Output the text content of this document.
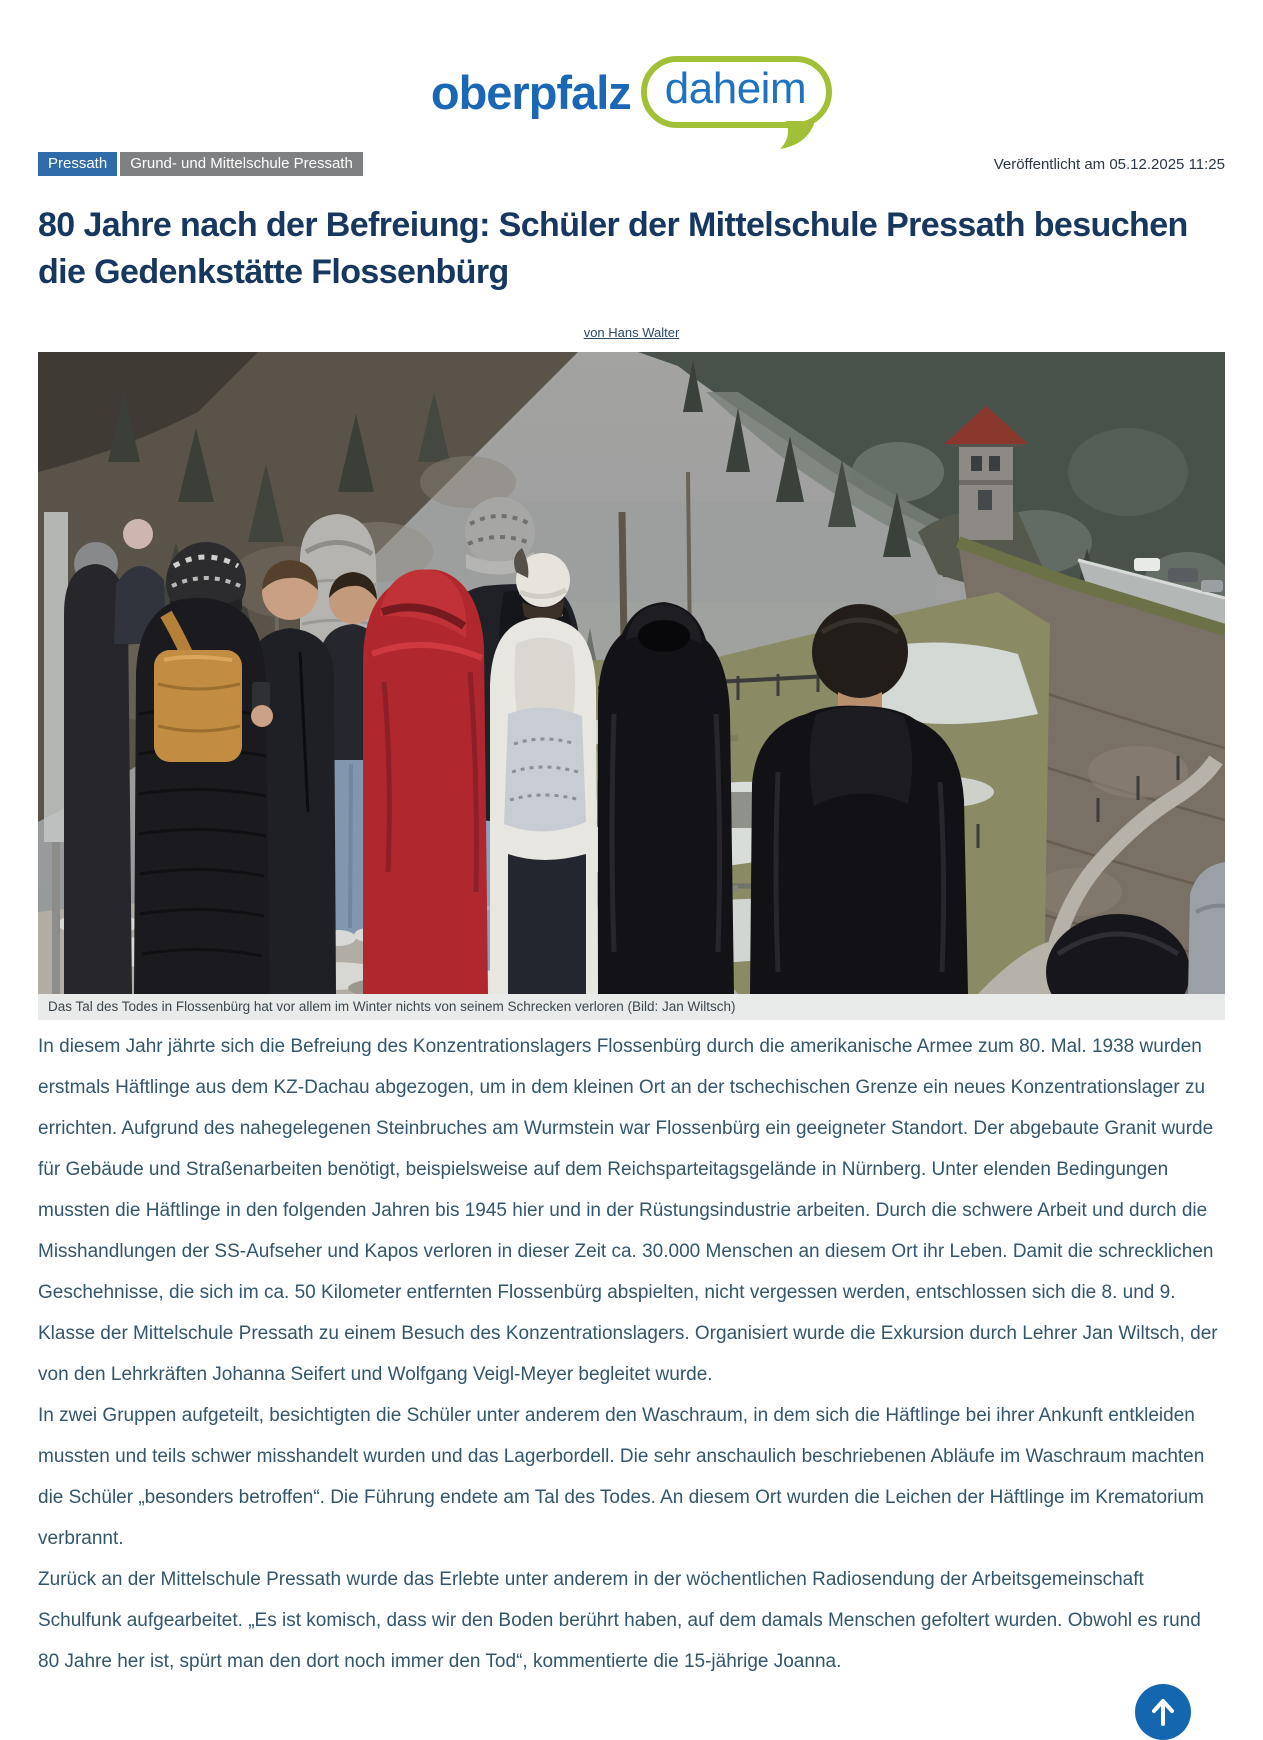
oberpfalz daheim
Pressath	Grund- und Mittelschule Pressath	Veröffentlicht am 05.12.2025 11:25
80 Jahre nach der Befreiung: Schüler der Mittelschule Pressath besuchen die Gedenkstätte Flossenbürg
von Hans Walter
Das Tal des Todes in Flossenbürg hat vor allem im Winter nichts von seinem Schrecken verloren (Bild: Jan Wiltsch)

In diesem Jahr jährte sich die Befreiung des Konzentrationslagers Flossenbürg durch die amerikanische Armee zum 80. Mal. 1938 wurden erstmals Häftlinge aus dem KZ-Dachau abgezogen, um in dem kleinen Ort an der tschechischen Grenze ein neues Konzentrationslager zu errichten. Aufgrund des nahegelegenen Steinbruches am Wurmstein war Flossenbürg ein geeigneter Standort. Der abgebaute Granit wurde für Gebäude und Straßenarbeiten benötigt, beispielsweise auf dem Reichsparteitagsgelände in Nürnberg. Unter elenden Bedingungen mussten die Häftlinge in den folgenden Jahren bis 1945 hier und in der Rüstungsindustrie arbeiten. Durch die schwere Arbeit und durch die Misshandlungen der SS-Aufseher und Kapos verloren in dieser Zeit ca. 30.000 Menschen an diesem Ort ihr Leben. Damit die schrecklichen Geschehnisse, die sich im ca. 50 Kilometer entfernten Flossenbürg abspielten, nicht vergessen werden, entschlossen sich die 8. und 9. Klasse der Mittelschule Pressath zu einem Besuch des Konzentrationslagers. Organisiert wurde die Exkursion durch Lehrer Jan Wiltsch, der von den Lehrkräften Johanna Seifert und Wolfgang Veigl-Meyer begleitet wurde.

In zwei Gruppen aufgeteilt, besichtigten die Schüler unter anderem den Waschraum, in dem sich die Häftlinge bei ihrer Ankunft entkleiden mussten und teils schwer misshandelt wurden und das Lagerbordell. Die sehr anschaulich beschriebenen Abläufe im Waschraum machten die Schüler „besonders betroffen“. Die Führung endete am Tal des Todes. An diesem Ort wurden die Leichen der Häftlinge im Krematorium verbrannt.

Zurück an der Mittelschule Pressath wurde das Erlebte unter anderem in der wöchentlichen Radiosendung der Arbeitsgemeinschaft Schulfunk aufgearbeitet. „Es ist komisch, dass wir den Boden berührt haben, auf dem damals Menschen gefoltert wurden. Obwohl es rund 80 Jahre her ist, spürt man den dort noch immer den Tod“, kommentierte die 15-jährige Joanna.
